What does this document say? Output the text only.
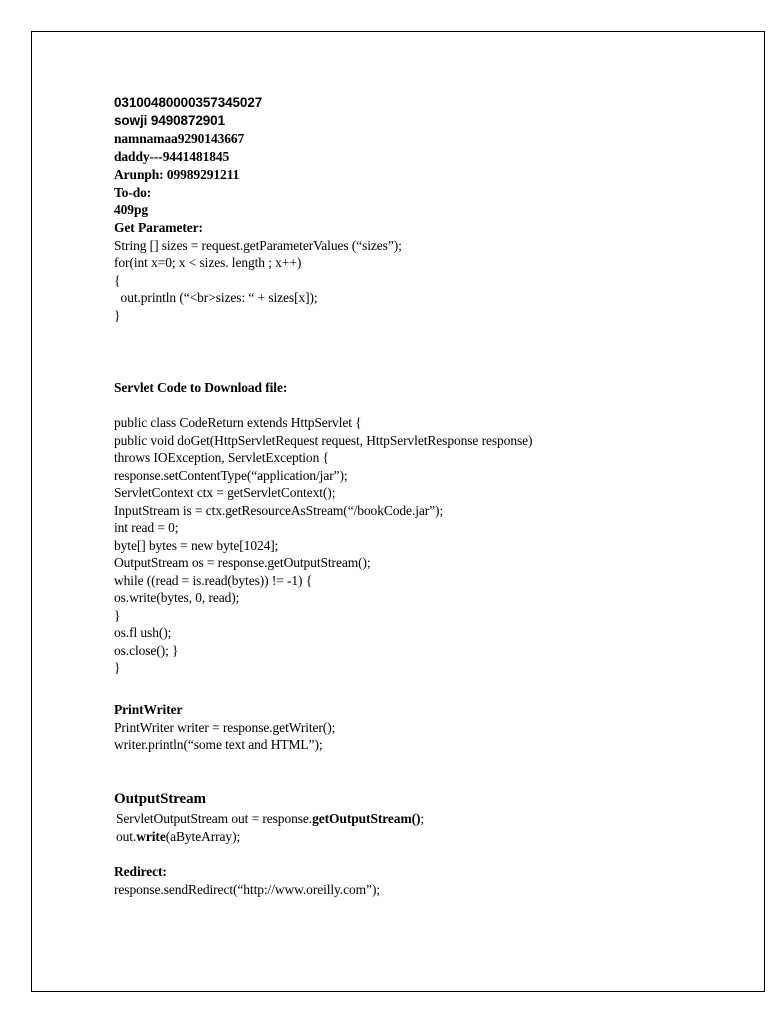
03100480000357345027
sowji 9490872901
namnamaa9290143667
daddy---9441481845
Arunph: 09989291211
To-do:
409pg
Get Parameter:
String [] sizes = request.getParameterValues (“sizes”);
for(int x=0; x < sizes. length ; x++)
{
out.println (“<br>sizes: “ + sizes[x]);
}
Servlet Code to Download file:
public class CodeReturn extends HttpServlet {
public void doGet(HttpServletRequest request, HttpServletResponse response)
throws IOException, ServletException {
response.setContentType(“application/jar”);
ServletContext ctx = getServletContext();
InputStream is = ctx.getResourceAsStream(“/bookCode.jar”);
int read = 0;
byte[] bytes = new byte[1024];
OutputStream os = response.getOutputStream();
while ((read = is.read(bytes)) != -1) {
os.write(bytes, 0, read);
}
os.fl ush();
os.close(); }
}
PrintWriter
PrintWriter writer = response.getWriter();
writer.println(“some text and HTML”);
OutputStream
ServletOutputStream out = response.getOutputStream();
out.write(aByteArray);
Redirect:
response.sendRedirect(“http://www.oreilly.com”);
